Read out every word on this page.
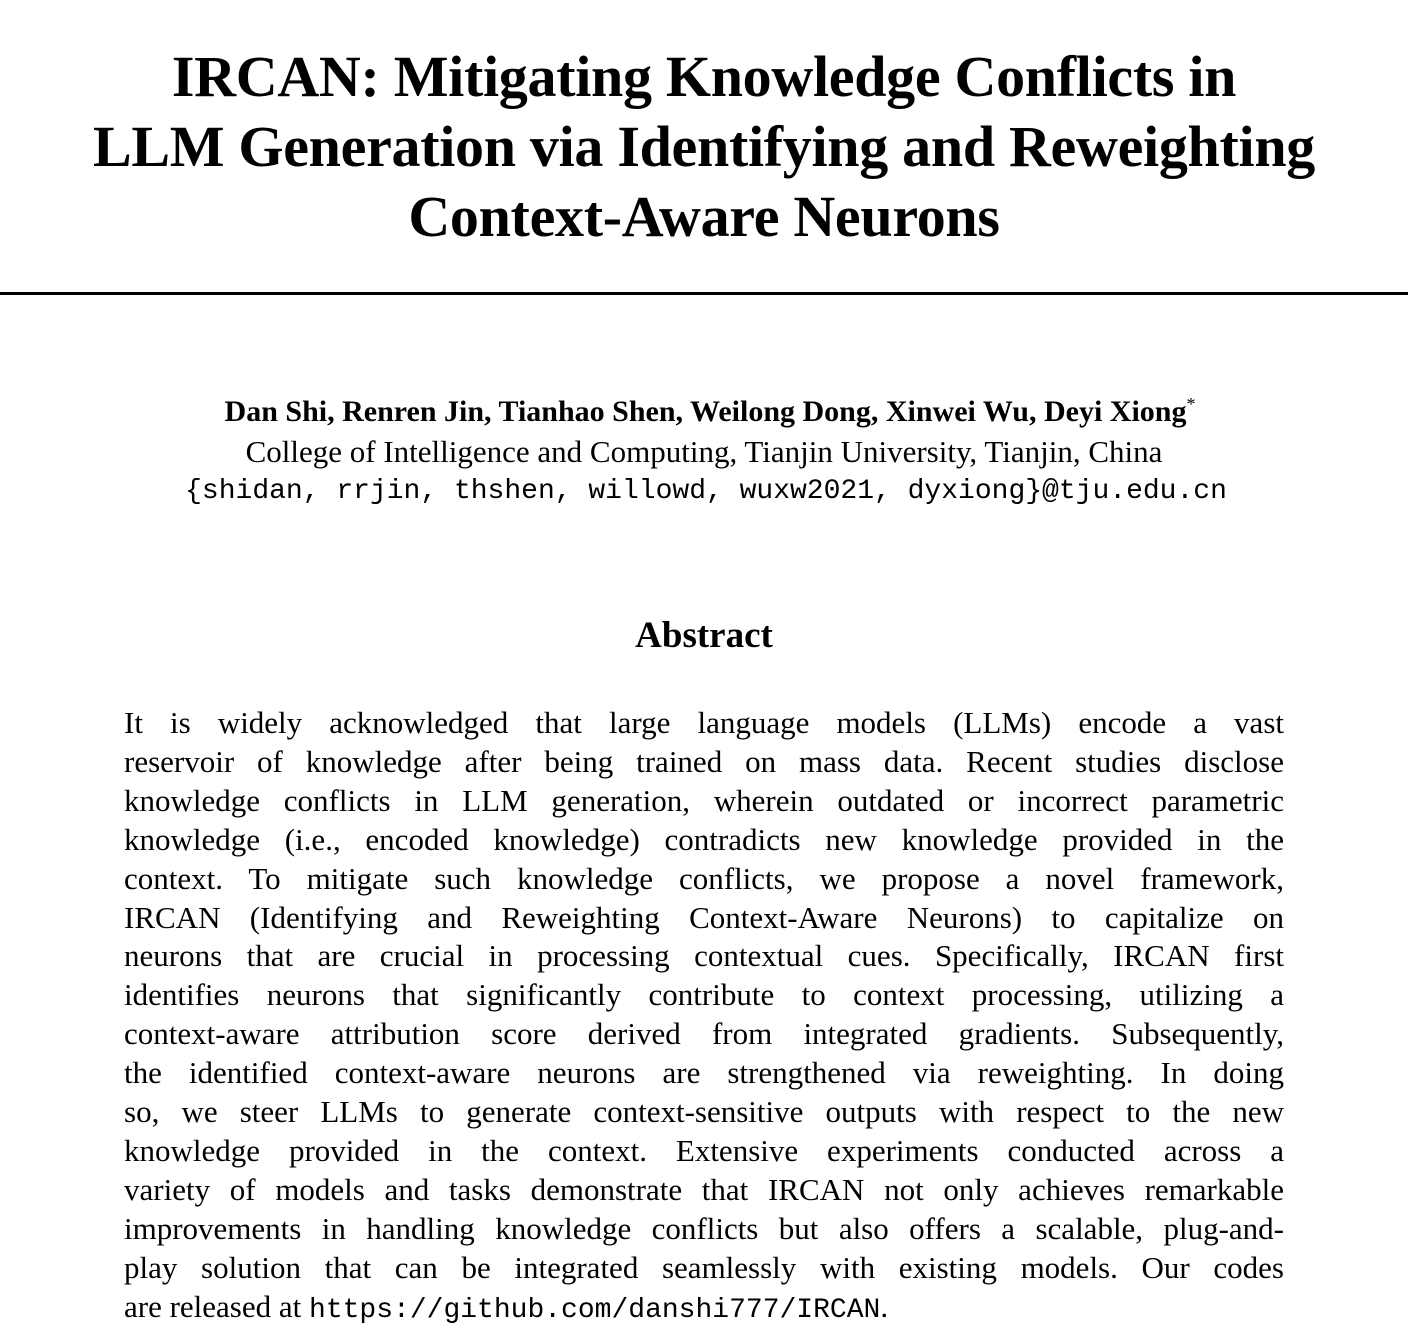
IRCAN: Mitigating Knowledge Conflicts in
LLM Generation via Identifying and Reweighting
Context-Aware Neurons
Dan Shi, Renren Jin, Tianhao Shen, Weilong Dong, Xinwei Wu, Deyi Xiong*
College of Intelligence and Computing, Tianjin University, Tianjin, China
{shidan, rrjin, thshen, willowd, wuxw2021, dyxiong}@tju.edu.cn
Abstract
It is widely acknowledged that large language models (LLMs) encode a vast
reservoir of knowledge after being trained on mass data. Recent studies disclose
knowledge conflicts in LLM generation, wherein outdated or incorrect parametric
knowledge (i.e., encoded knowledge) contradicts new knowledge provided in the
context. To mitigate such knowledge conflicts, we propose a novel framework,
IRCAN (Identifying and Reweighting Context-Aware Neurons) to capitalize on
neurons that are crucial in processing contextual cues. Specifically, IRCAN first
identifies neurons that significantly contribute to context processing, utilizing a
context-aware attribution score derived from integrated gradients. Subsequently,
the identified context-aware neurons are strengthened via reweighting. In doing
so, we steer LLMs to generate context-sensitive outputs with respect to the new
knowledge provided in the context. Extensive experiments conducted across a
variety of models and tasks demonstrate that IRCAN not only achieves remarkable
improvements in handling knowledge conflicts but also offers a scalable, plug-and-
play solution that can be integrated seamlessly with existing models. Our codes
are released at https://github.com/danshi777/IRCAN.
